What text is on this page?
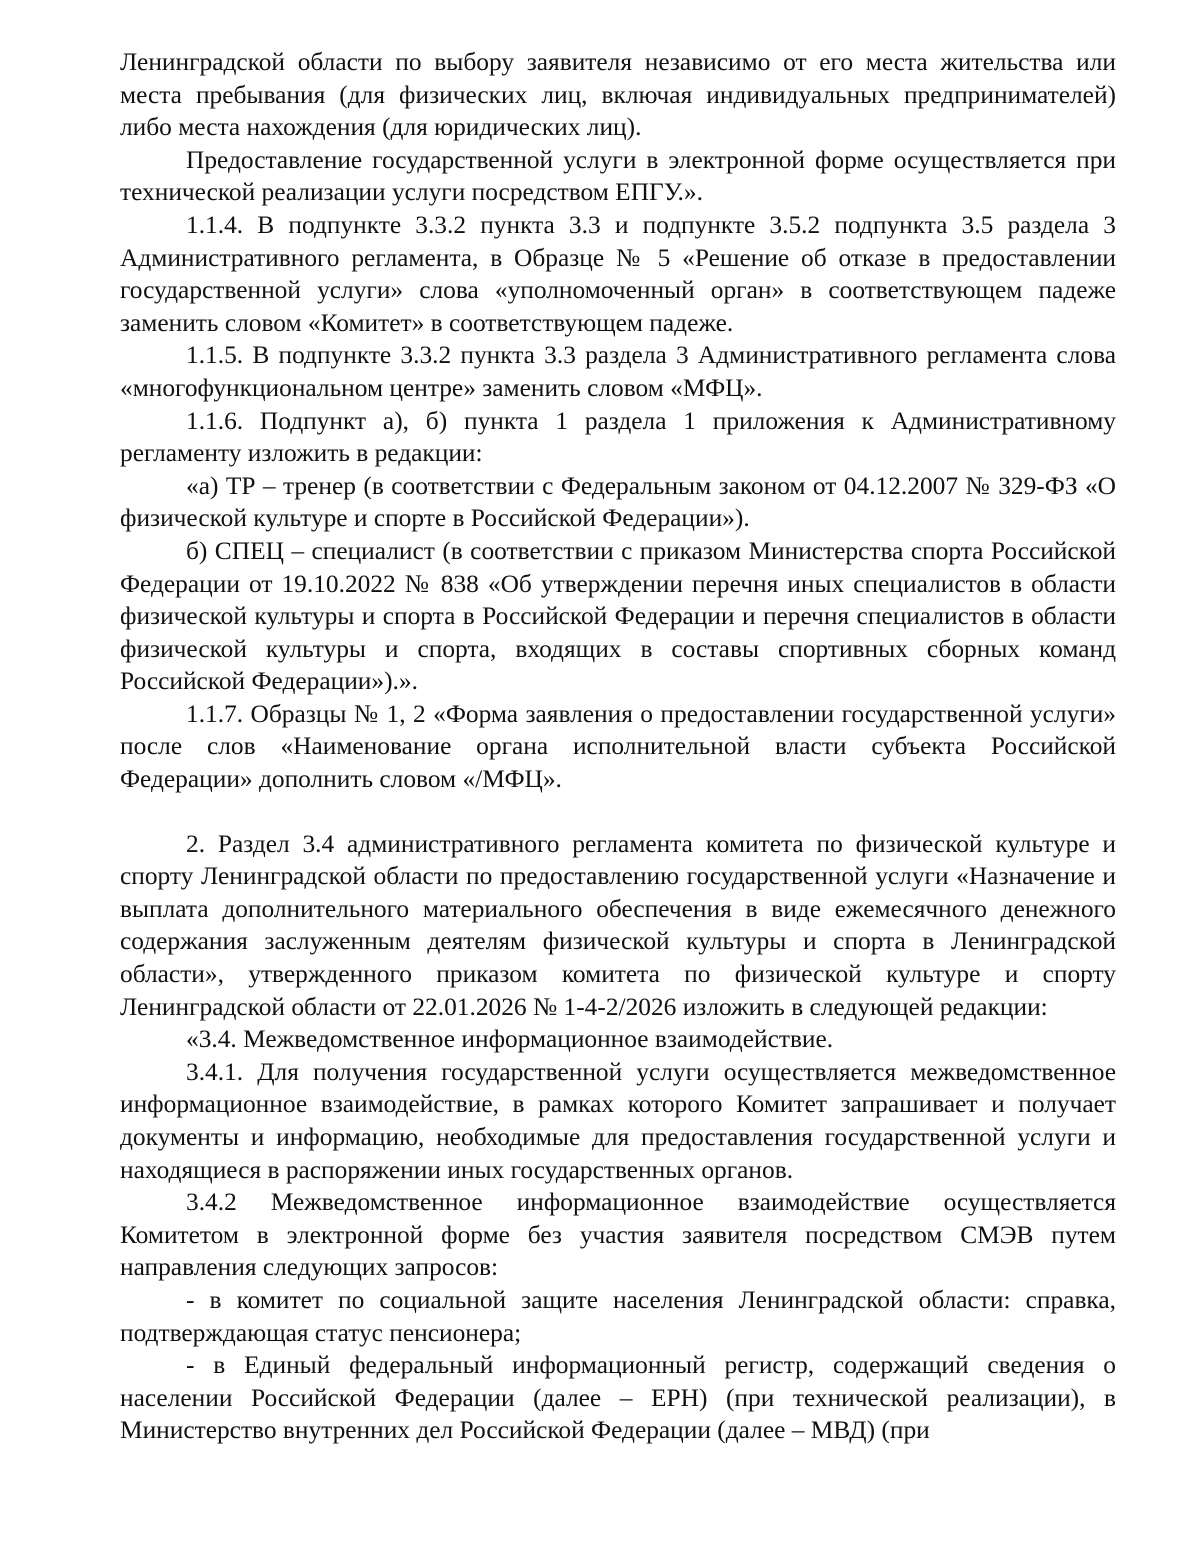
Ленинградской области по выбору заявителя независимо от его места жительства или места пребывания (для физических лиц, включая индивидуальных предпринимателей) либо места нахождения (для юридических лиц).

Предоставление государственной услуги в электронной форме осуществляется при технической реализации услуги посредством ЕПГУ.».

1.1.4. В подпункте 3.3.2 пункта 3.3 и подпункте 3.5.2 подпункта 3.5 раздела 3 Административного регламента, в Образце № 5 «Решение об отказе в предоставлении государственной услуги» слова «уполномоченный орган» в соответствующем падеже заменить словом «Комитет» в соответствующем падеже.

1.1.5. В подпункте 3.3.2 пункта 3.3 раздела 3 Административного регламента слова «многофункциональном центре» заменить словом «МФЦ».

1.1.6. Подпункт а), б) пункта 1 раздела 1 приложения к Административному регламенту изложить в редакции:

«а) ТР – тренер (в соответствии с Федеральным законом от 04.12.2007 № 329-ФЗ «О физической культуре и спорте в Российской Федерации»).

б) СПЕЦ – специалист (в соответствии с приказом Министерства спорта Российской Федерации от 19.10.2022 № 838 «Об утверждении перечня иных специалистов в области физической культуры и спорта в Российской Федерации и перечня специалистов в области физической культуры и спорта, входящих в составы спортивных сборных команд Российской Федерации»).».

1.1.7. Образцы № 1, 2 «Форма заявления о предоставлении государственной услуги» после слов «Наименование органа исполнительной власти субъекта Российской Федерации» дополнить словом «/МФЦ».

2. Раздел 3.4 административного регламента комитета по физической культуре и спорту Ленинградской области по предоставлению государственной услуги «Назначение и выплата дополнительного материального обеспечения в виде ежемесячного денежного содержания заслуженным деятелям физической культуры и спорта в Ленинградской области», утвержденного приказом комитета по физической культуре и спорту Ленинградской области от 22.01.2026 № 1-4-2/2026 изложить в следующей редакции:

«3.4. Межведомственное информационное взаимодействие.

3.4.1. Для получения государственной услуги осуществляется межведомственное информационное взаимодействие, в рамках которого Комитет запрашивает и получает документы и информацию, необходимые для предоставления государственной услуги и находящиеся в распоряжении иных государственных органов.

3.4.2 Межведомственное информационное взаимодействие осуществляется Комитетом в электронной форме без участия заявителя посредством СМЭВ путем направления следующих запросов:

- в комитет по социальной защите населения Ленинградской области: справка, подтверждающая статус пенсионера;

- в Единый федеральный информационный регистр, содержащий сведения о населении Российской Федерации (далее – ЕРН) (при технической реализации), в Министерство внутренних дел Российской Федерации (далее – МВД) (при
